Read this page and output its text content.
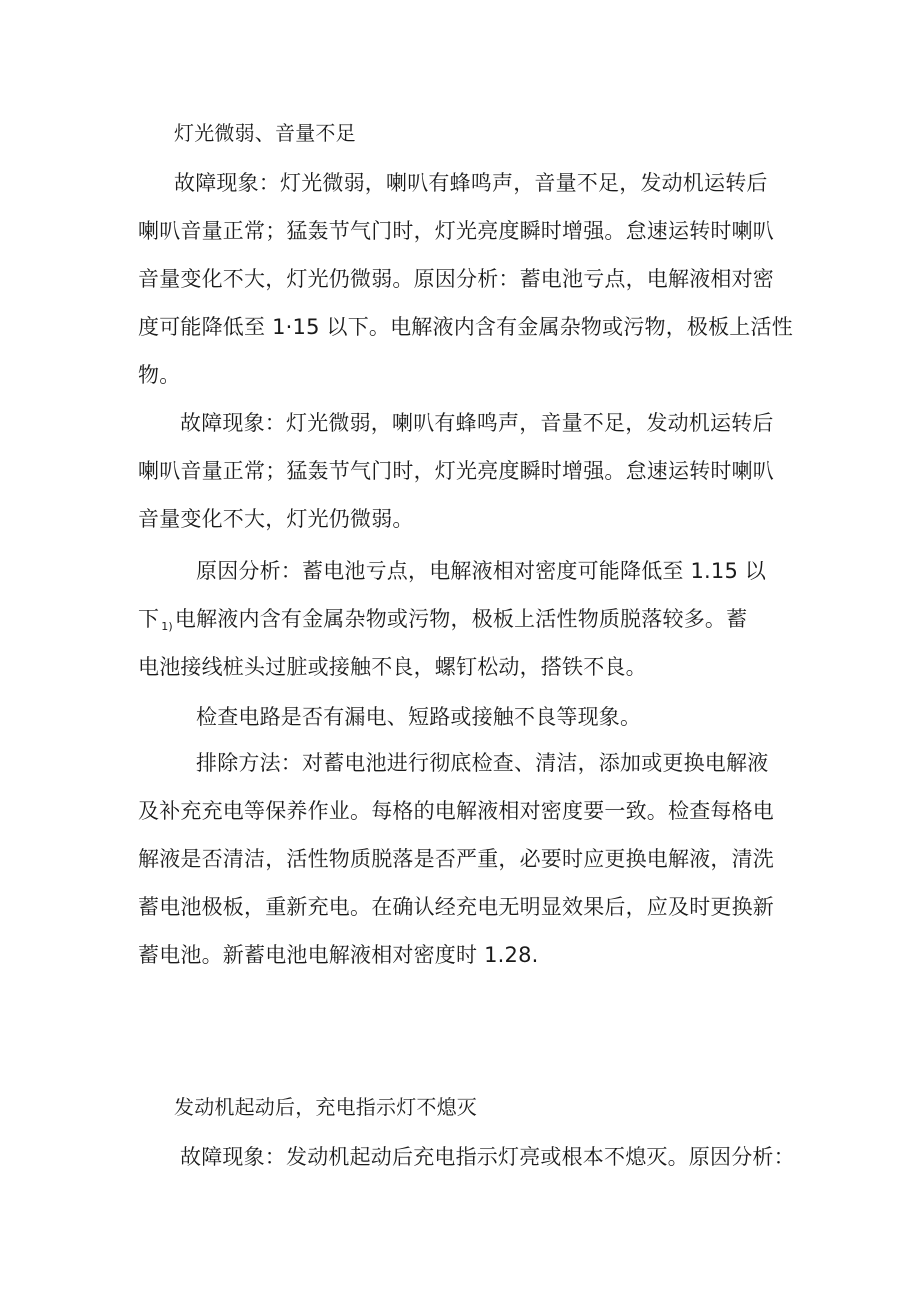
灯光微弱、音量不足
故障现象：灯光微弱，喇叭有蜂鸣声，音量不足，发动机运转后
喇叭音量正常；猛轰节气门时，灯光亮度瞬时增强。怠速运转时喇叭
音量变化不大，灯光仍微弱。原因分析：蓄电池亏点，电解液相对密
度可能降低至 1·15 以下。电解液内含有金属杂物或污物，极板上活性
物。
故障现象：灯光微弱，喇叭有蜂鸣声，音量不足，发动机运转后
喇叭音量正常；猛轰节气门时，灯光亮度瞬时增强。怠速运转时喇叭
音量变化不大，灯光仍微弱。
原因分析：蓄电池亏点，电解液相对密度可能降低至 1.15 以
下 1)电解液内含有金属杂物或污物，极板上活性物质脱落较多。蓄
电池接线桩头过脏或接触不良，螺钉松动，搭铁不良。
检查电路是否有漏电、短路或接触不良等现象。
排除方法：对蓄电池进行彻底检查、清洁，添加或更换电解液
及补充充电等保养作业。每格的电解液相对密度要一致。检查每格电
解液是否清洁，活性物质脱落是否严重，必要时应更换电解液，清洗
蓄电池极板，重新充电。在确认经充电无明显效果后，应及时更换新
蓄电池。新蓄电池电解液相对密度时 1.28.
发动机起动后，充电指示灯不熄灭
故障现象：发动机起动后充电指示灯亮或根本不熄灭。原因分析：
